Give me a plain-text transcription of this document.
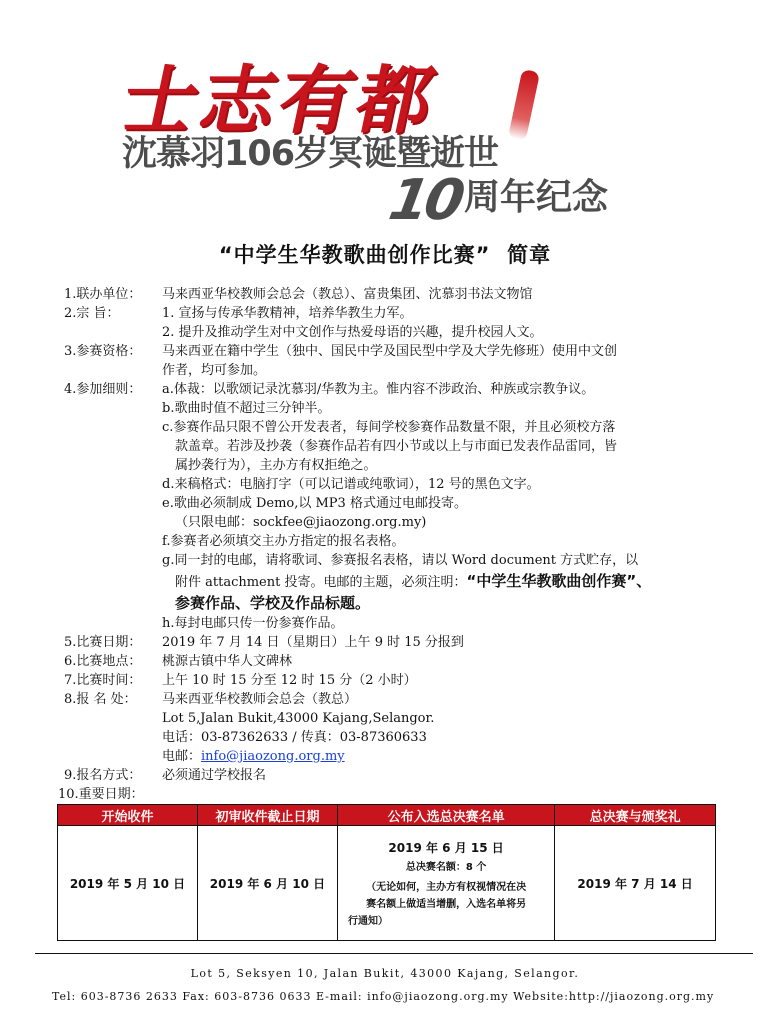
士志有都
沈慕羽106岁冥诞暨逝世
10周年纪念
“中学生华教歌曲创作比赛”  简章
1.联办单位：	马来西亚华校教师会总会（教总）、富贵集团、沈慕羽书法文物馆
2.宗 旨：	1. 宣扬与传承华教精神，培养华教生力军。
2. 提升及推动学生对中文创作与热爱母语的兴趣，提升校园人文。
3.参赛资格：	马来西亚在籍中学生（独中、国民中学及国民型中学及大学先修班）使用中文创
作者，均可参加。
4.参加细则：	a.体裁：以歌颂记录沈慕羽/华教为主。惟内容不涉政治、种族或宗教争议。
b.歌曲时值不超过三分钟半。
c.参赛作品只限不曾公开发表者，每间学校参赛作品数量不限，并且必须校方落
款盖章。若涉及抄袭（参赛作品若有四小节或以上与市面已发表作品雷同，皆
属抄袭行为），主办方有权拒绝之。
d.来稿格式：电脑打字（可以记谱或纯歌词），12 号的黑色文字。
e.歌曲必须制成 Demo,以 MP3 格式通过电邮投寄。
（只限电邮：sockfee@jiaozong.org.my)
f.参赛者必须填交主办方指定的报名表格。
g.同一封的电邮，请将歌词、参赛报名表格，请以 Word document 方式贮存，以
附件 attachment 投寄。电邮的主题，必须注明：“中学生华教歌曲创作赛”、
参赛作品、学校及作品标题。
h.每封电邮只传一份参赛作品。
5.比赛日期：	2019 年 7 月 14 日（星期日）上午 9 时 15 分报到
6.比赛地点：	桃源古镇中华人文碑林
7.比赛时间：	上午 10 时 15 分至 12 时 15 分（2 小时）
8.报 名 处：	马来西亚华校教师会总会（教总）
Lot 5,Jalan Bukit,43000 Kajang,Selangor.
电话：03-87362633 / 传真：03-87360633
电邮：info@jiaozong.org.my
9.报名方式：	必须通过学校报名
10.重要日期：
开始收件	初审收件截止日期	公布入选总决赛名单	总决赛与颁奖礼
2019 年 5 月 10 日	2019 年 6 月 10 日	2019 年 6 月 15 日
总决赛名额：8 个
（无论如何，主办方有权视情况在决
赛名额上做适当增删，入选名单将另
行通知）	2019 年 7 月 14 日
Lot 5, Seksyen 10, Jalan Bukit, 43000 Kajang, Selangor.
Tel: 603-8736 2633 Fax: 603-8736 0633 E-mail: info@jiaozong.org.my Website:http://jiaozong.org.my
